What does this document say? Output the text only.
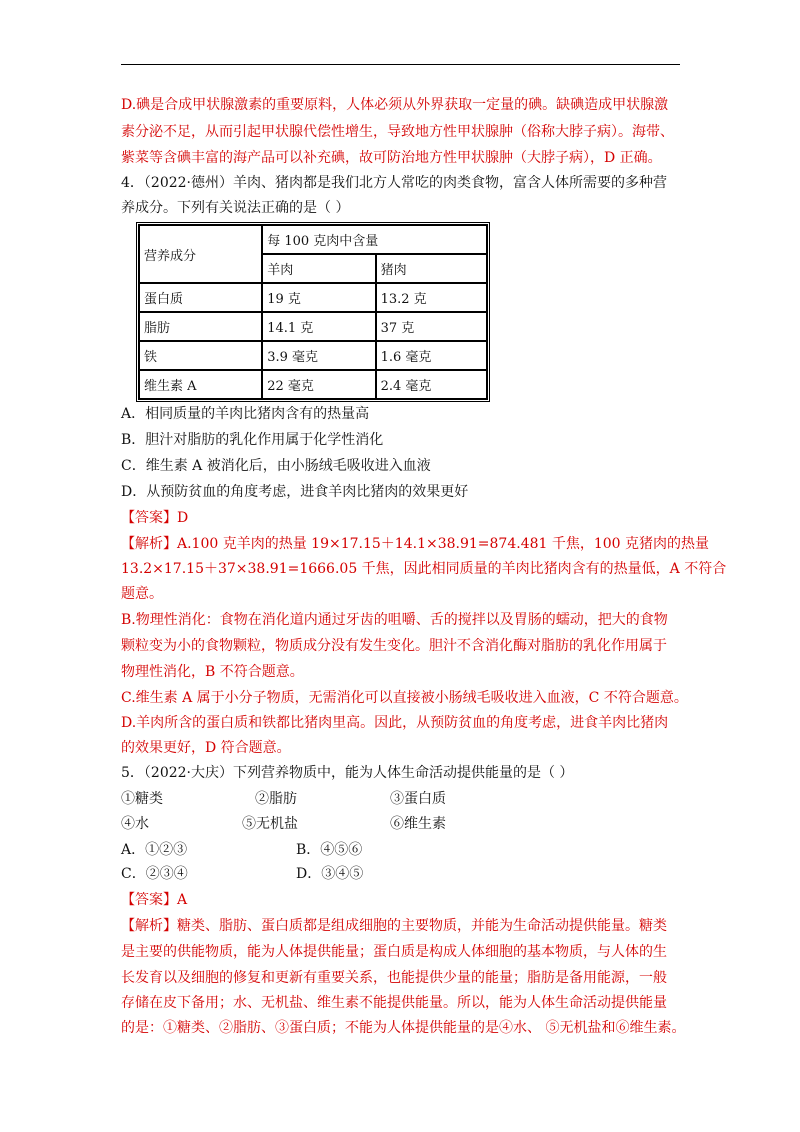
D.碘是合成甲状腺激素的重要原料，人体必须从外界获取一定量的碘。缺碘造成甲状腺激
素分泌不足，从而引起甲状腺代偿性增生，导致地方性甲状腺肿（俗称大脖子病）。海带、
紫菜等含碘丰富的海产品可以补充碘，故可防治地方性甲状腺肿（大脖子病），D 正确。
4．（2022·德州）羊肉、猪肉都是我们北方人常吃的肉类食物，富含人体所需要的多种营
养成分。下列有关说法正确的是（ ）
营养成分	每 100 克肉中含量	
	羊肉	猪肉
蛋白质	19 克	13.2 克
脂肪	14.1 克	37 克
铁	3.9 毫克	1.6 毫克
维生素 A	22 毫克	2.4 毫克
A．相同质量的羊肉比猪肉含有的热量高
B．胆汁对脂肪的乳化作用属于化学性消化
C．维生素 A 被消化后，由小肠绒毛吸收进入血液
D．从预防贫血的角度考虑，进食羊肉比猪肉的效果更好
【答案】D
【解析】A.100 克羊肉的热量 19×17.15＋14.1×38.91=874.481 千焦，100 克猪肉的热量
13.2×17.15＋37×38.91=1666.05 千焦，因此相同质量的羊肉比猪肉含有的热量低，A 不符合
题意。
B.物理性消化：食物在消化道内通过牙齿的咀嚼、舌的搅拌以及胃肠的蠕动，把大的食物
颗粒变为小的食物颗粒，物质成分没有发生变化。胆汁不含消化酶对脂肪的乳化作用属于
物理性消化，B 不符合题意。
C.维生素 A 属于小分子物质，无需消化可以直接被小肠绒毛吸收进入血液，C 不符合题意。
D.羊肉所含的蛋白质和铁都比猪肉里高。因此，从预防贫血的角度考虑，进食羊肉比猪肉
的效果更好，D 符合题意。
5．（2022·大庆）下列营养物质中，能为人体生命活动提供能量的是（ ）
①糖类	②脂肪	③蛋白质
④水	⑤无机盐	⑥维生素
A．①②③	B．④⑤⑥
C．②③④	D．③④⑤
【答案】A
【解析】糖类、脂肪、蛋白质都是组成细胞的主要物质，并能为生命活动提供能量。糖类
是主要的供能物质，能为人体提供能量；蛋白质是构成人体细胞的基本物质，与人体的生
长发育以及细胞的修复和更新有重要关系，也能提供少量的能量；脂肪是备用能源，一般
存储在皮下备用；水、无机盐、维生素不能提供能量。所以，能为人体生命活动提供能量
的是：①糖类、②脂肪、③蛋白质；不能为人体提供能量的是④水、 ⑤无机盐和⑥维生素。
